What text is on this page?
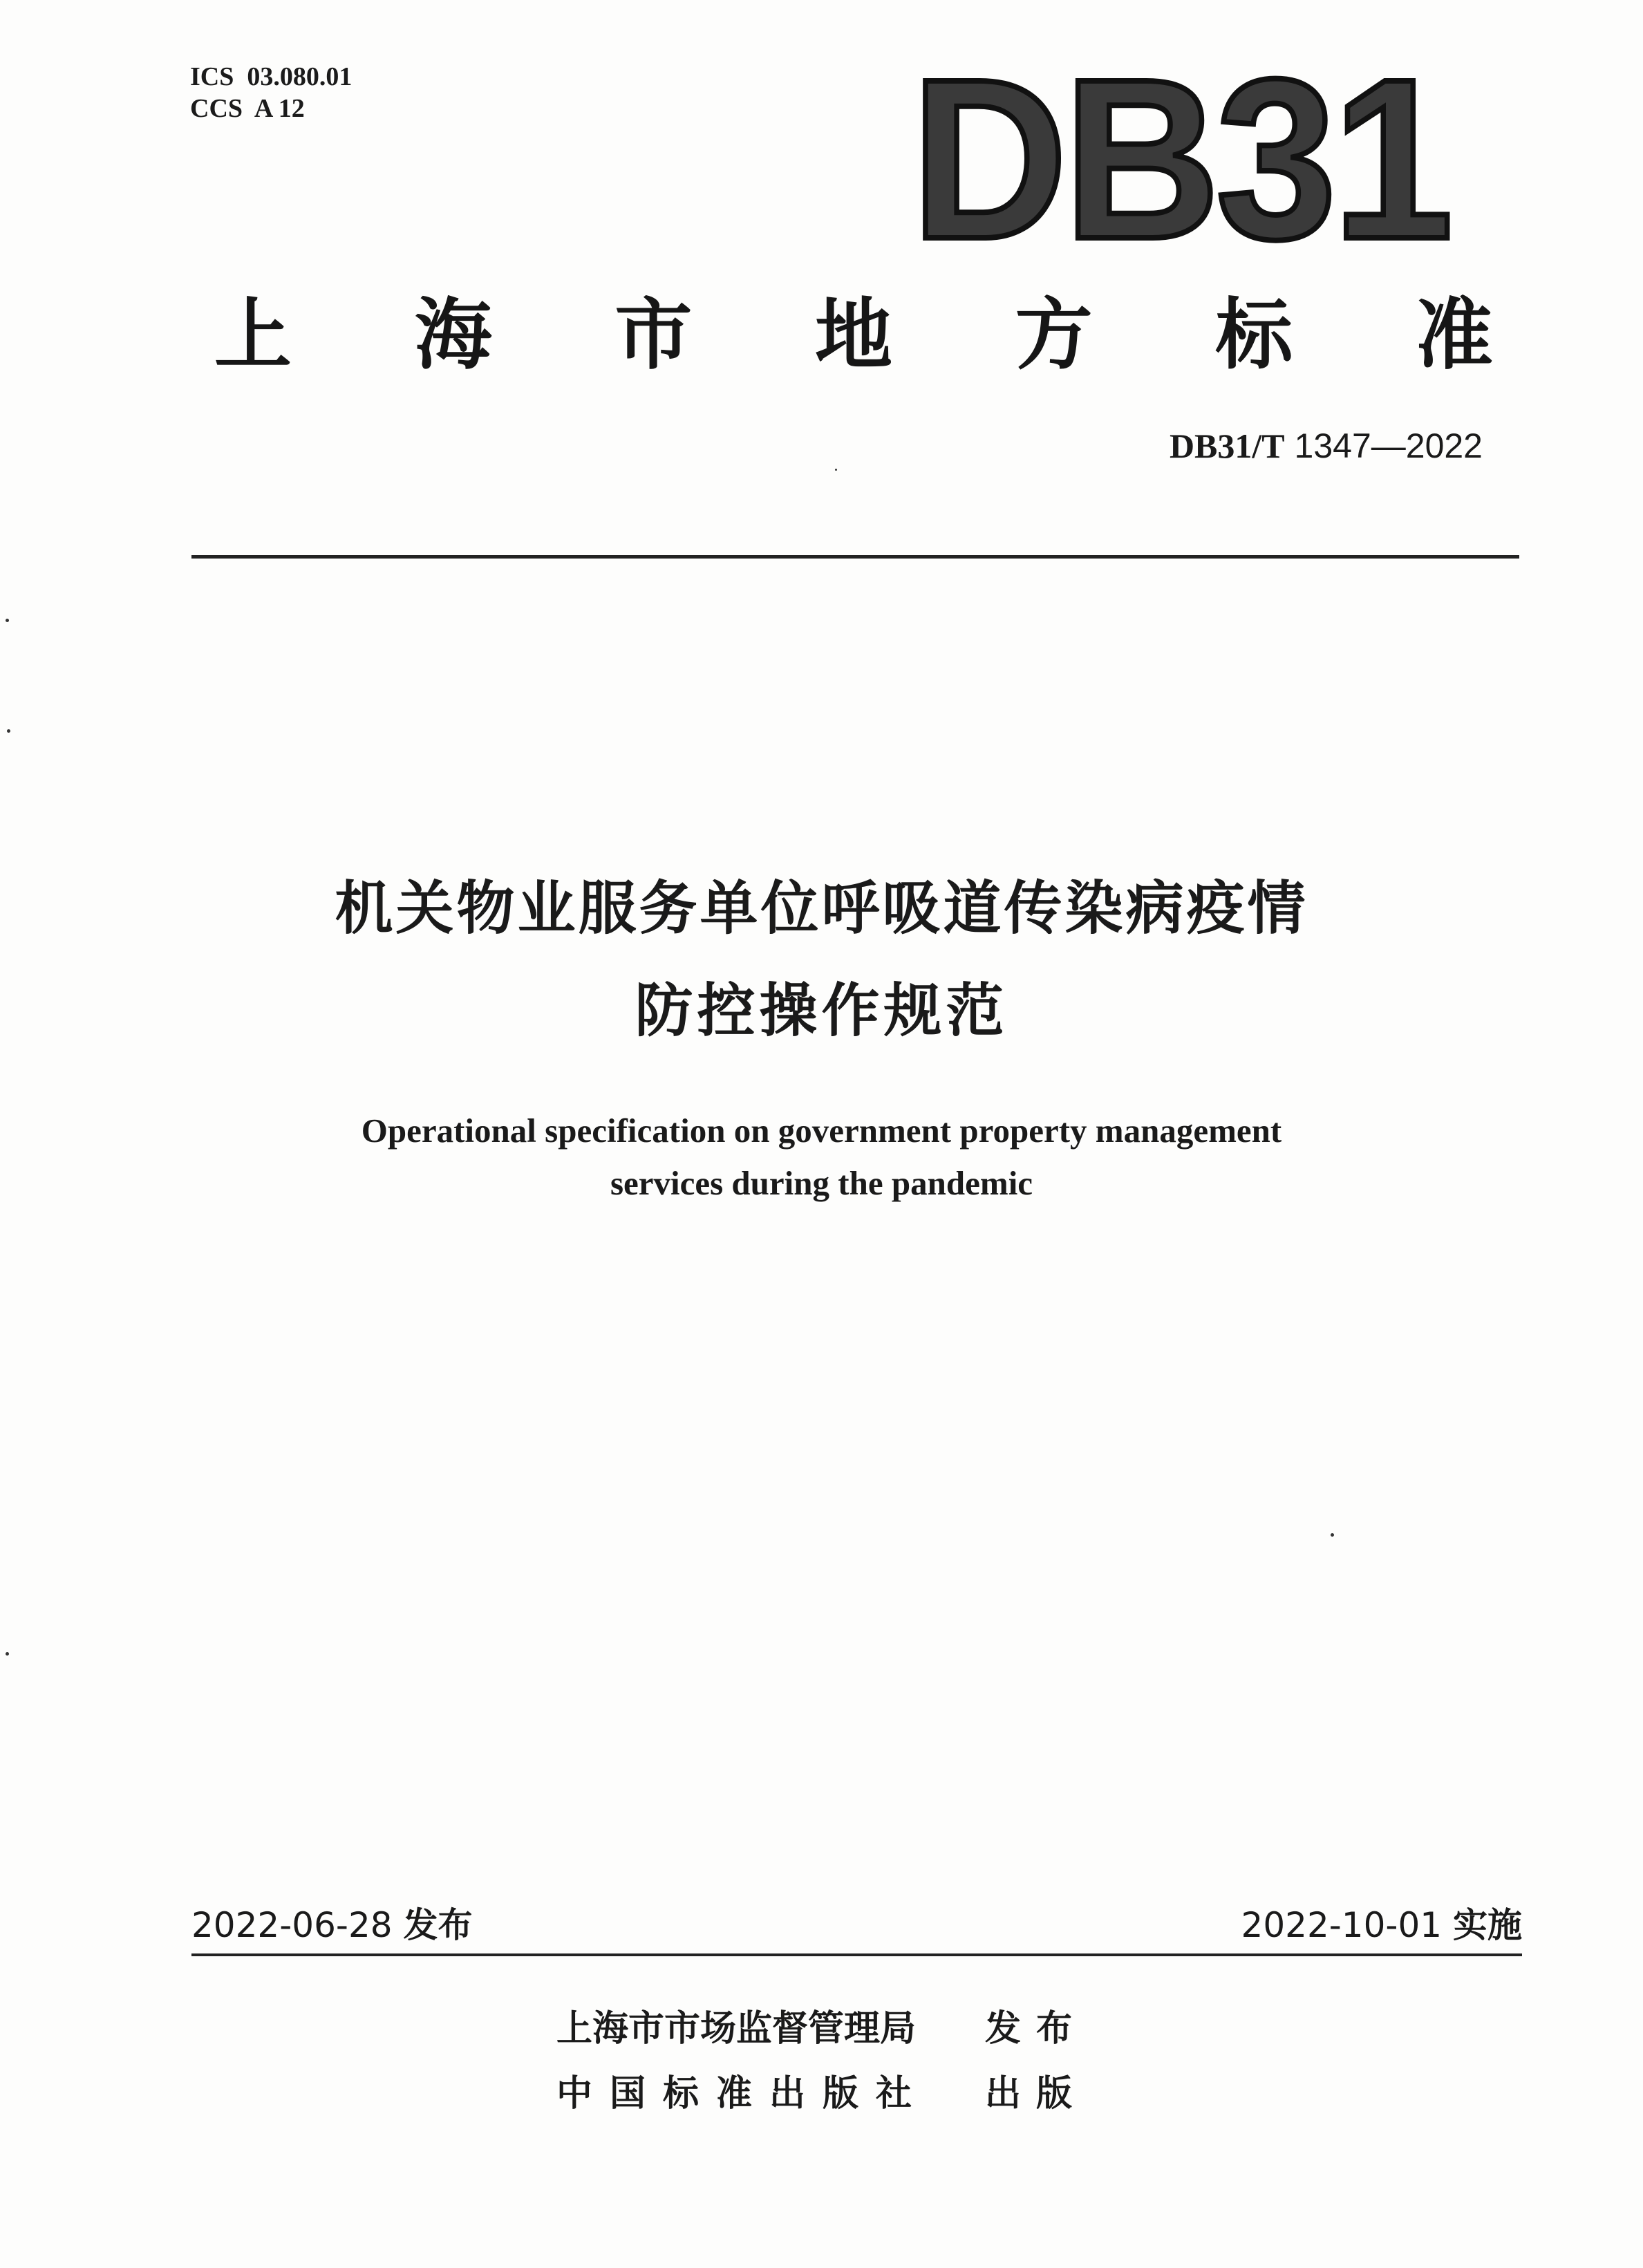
ICS  03.080.01
CCS  A 12	DB31
上 海 市 地 方 标 准
DB31/T 1347—2022
机关物业服务单位呼吸道传染病疫情
防控操作规范
Operational specification on government property management
services during the pandemic
2022-06-28 发布	2022-10-01 实施
上海市市场监督管理局	发布
中国标准出版社	出版
